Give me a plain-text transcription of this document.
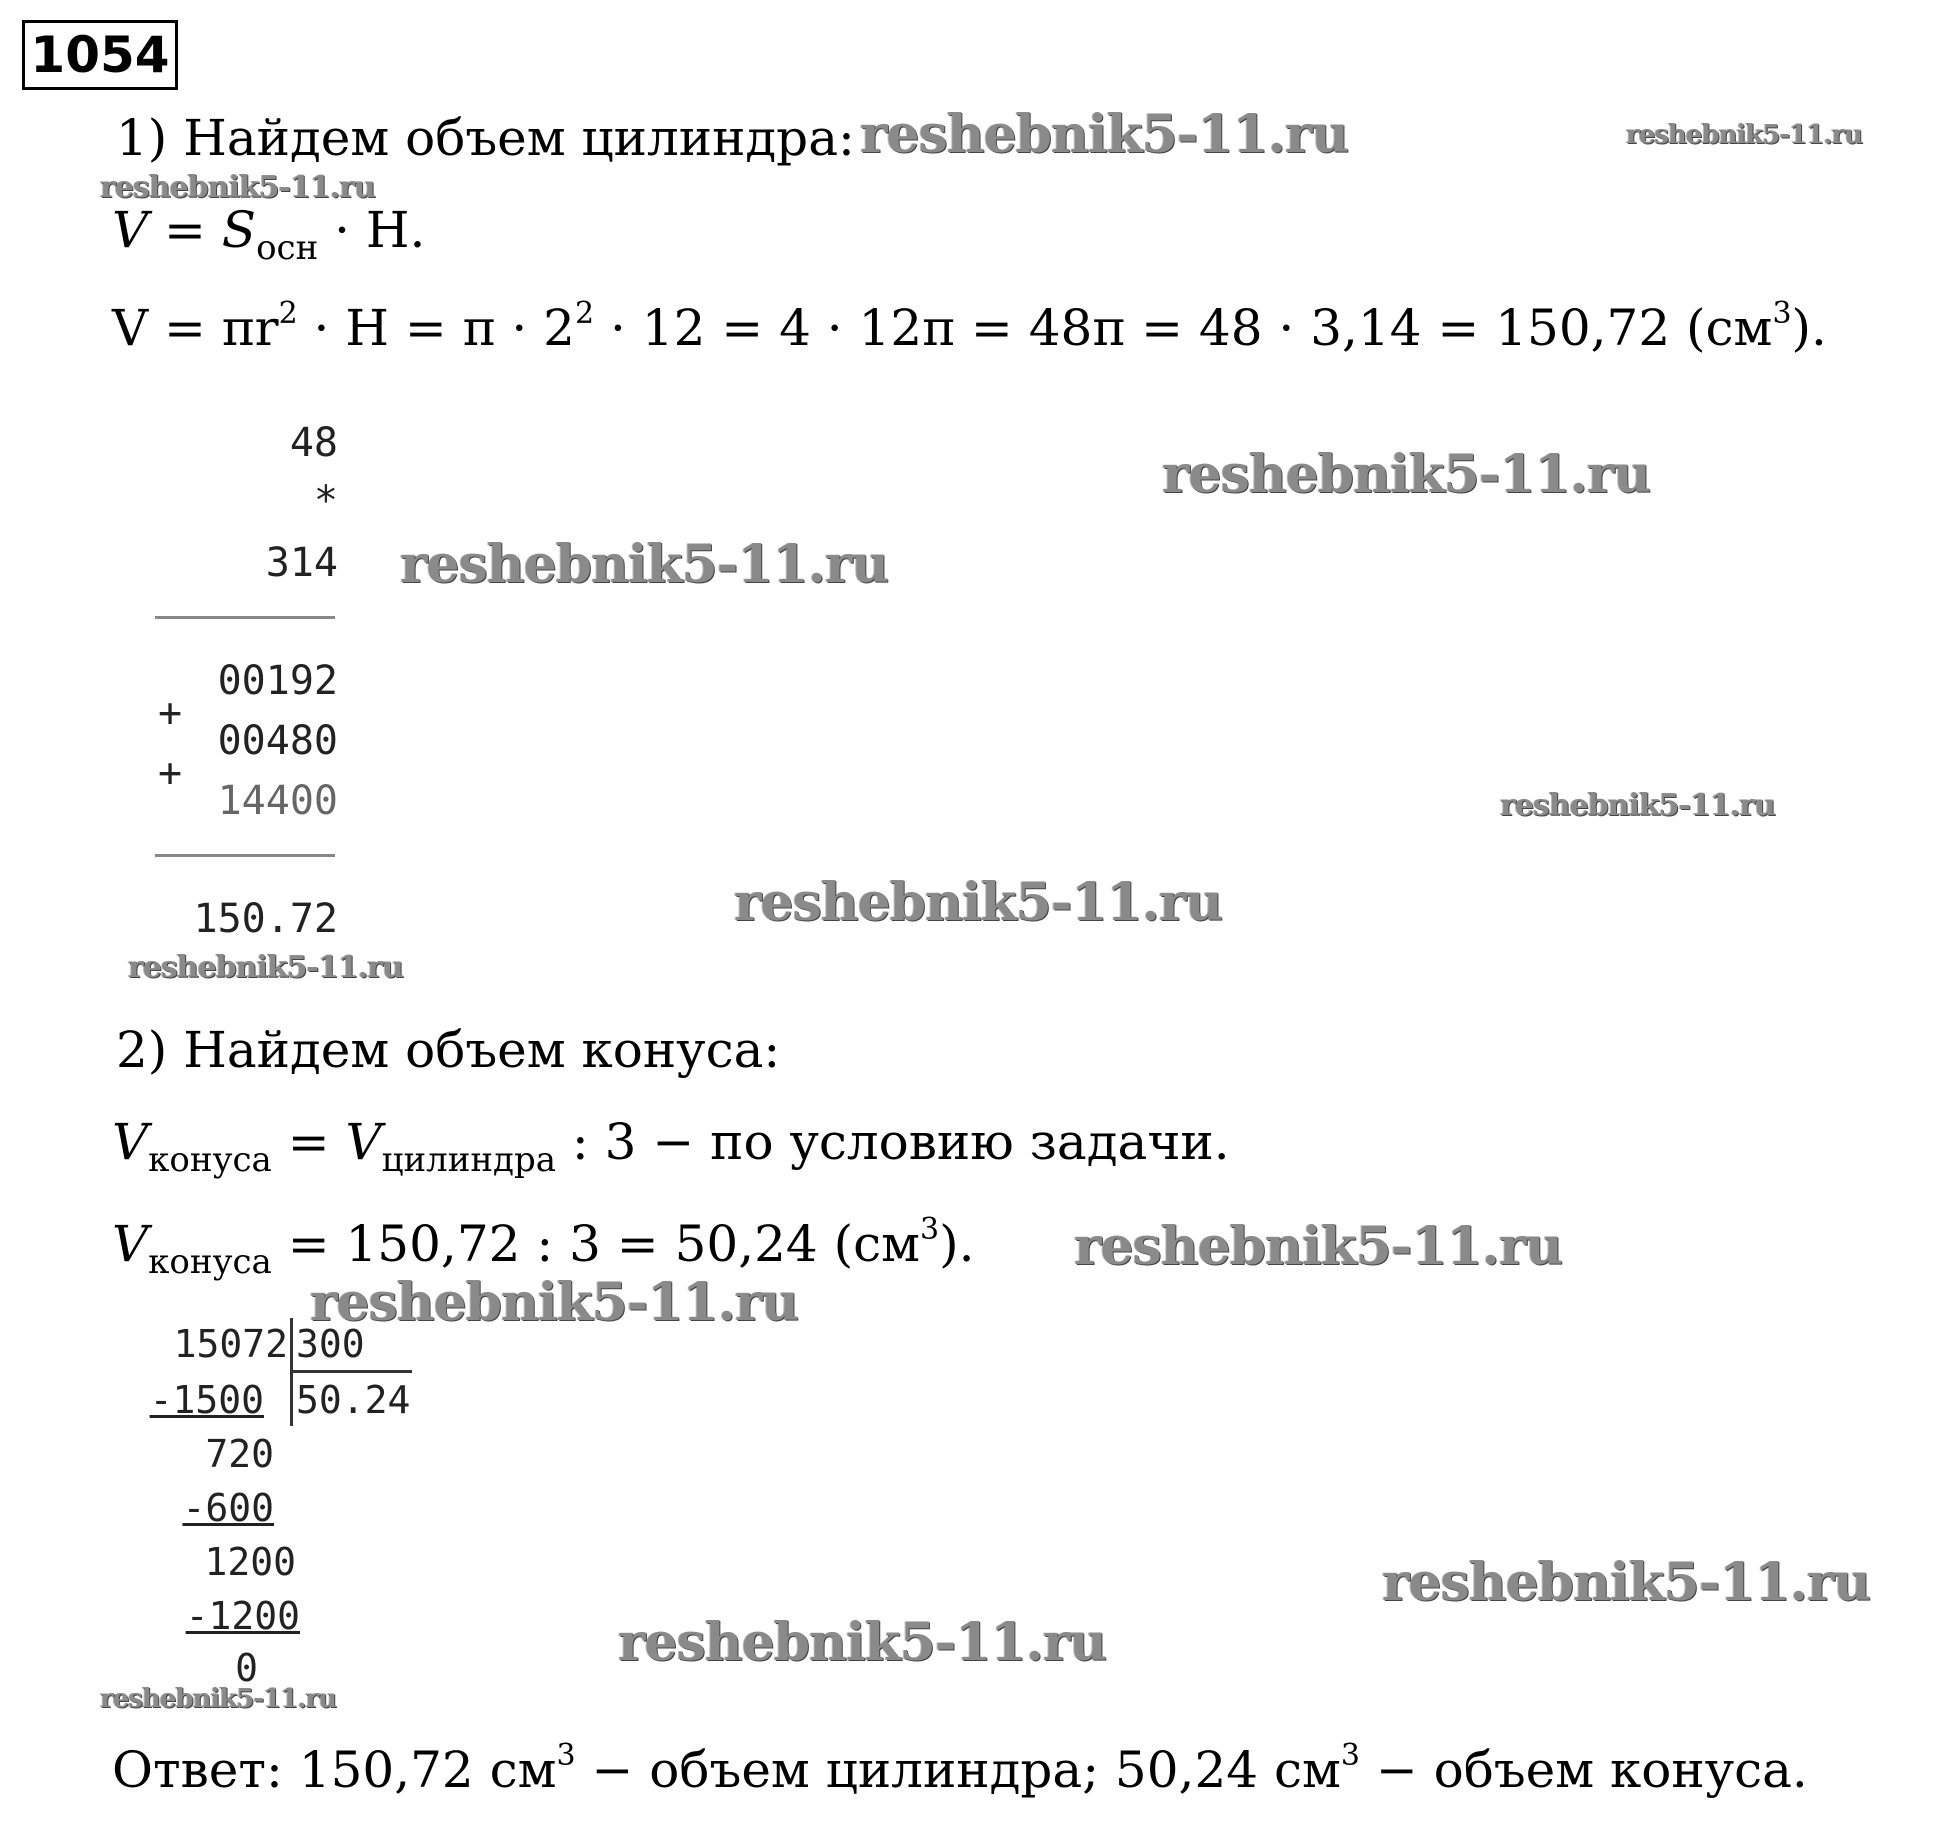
1054
1) Найдем объем цилиндра:
$V = S_{осн} \cdot H$.
$V = \pi r^2 \cdot H = \pi \cdot 2^2 \cdot 12 = 4 \cdot 12\pi = 48\pi = 48 \cdot 3,14 = 150,72$ $(см^3)$.
48
*
314
00192
+
00480
+
14400
150.72
2) Найдем объем конуса:
$V_{конуса} = V_{цилиндра}$ : 3 − по условию задачи.
$V_{конуса} = 150,72$ : 3 = 50,24 $(см^3)$.
15072 300
50.24
-1500
720
-600
1200
-1200
0
Ответ: 150,72 $см^3$ − объем цилиндра; 50,24 $см^3$ − объем конуса.
reshebnik5-11.ru	reshebnik5-11.ru
reshebnik5-11.ru
reshebnik5-11.ru
reshebnik5-11.ru
reshebnik5-11.ru
reshebnik5-11.ru
reshebnik5-11.ru
reshebnik5-11.ru
reshebnik5-11.ru
reshebnik5-11.ru
reshebnik5-11.ru
reshebnik5-11.ru
